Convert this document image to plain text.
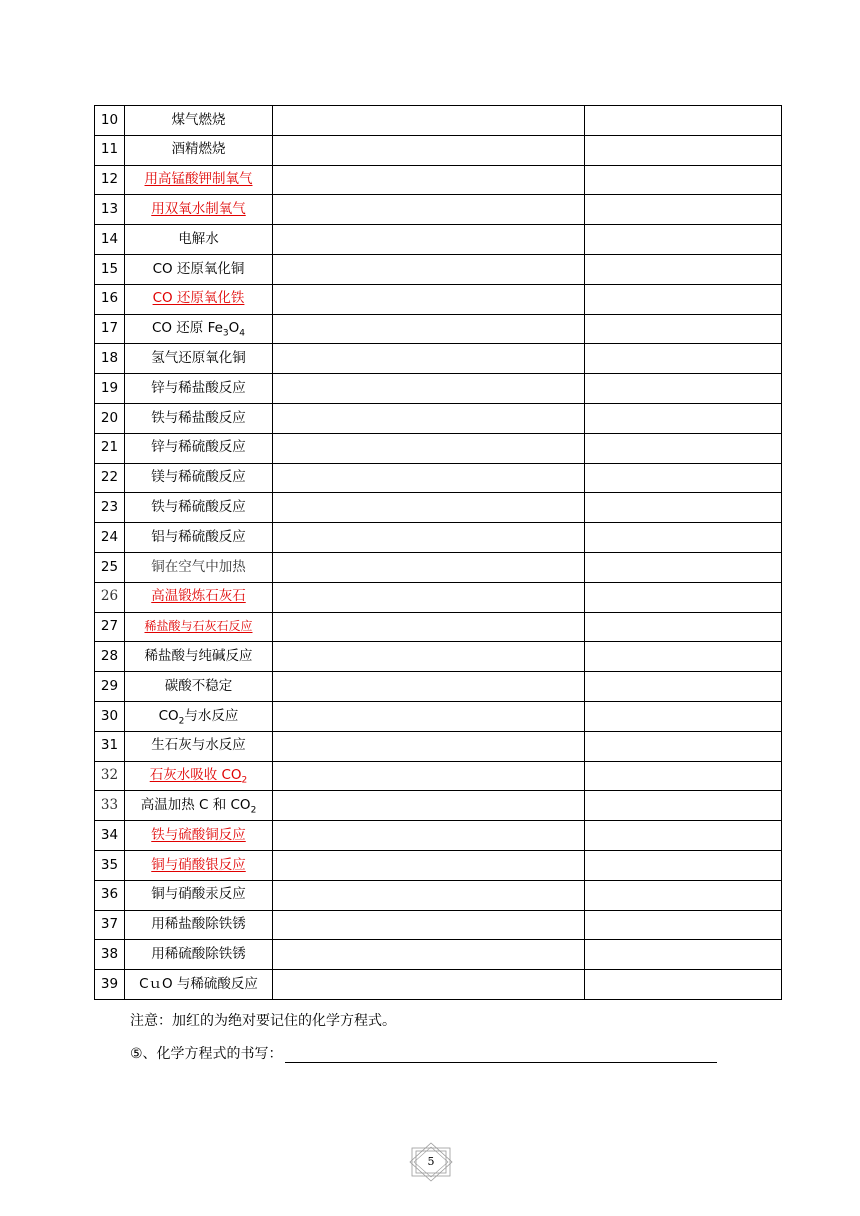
10	煤气燃烧		
11	酒精燃烧		
12	用高锰酸钾制氧气		
13	用双氧水制氧气		
14	电解水		
15	CO 还原氧化铜		
16	CO 还原氧化铁		
17	CO 还原 $Fe_3O_4$		
18	氢气还原氧化铜		
19	锌与稀盐酸反应		
20	铁与稀盐酸反应		
21	锌与稀硫酸反应		
22	镁与稀硫酸反应		
23	铁与稀硫酸反应		
24	铝与稀硫酸反应		
25	铜在空气中加热		
26	高温锻炼石灰石		
27	稀盐酸与石灰石反应		
28	稀盐酸与纯碱反应		
29	碳酸不稳定		
30	$CO_2$与水反应		
31	生石灰与水反应		
32	石灰水吸收 $CO_2$		
33	高温加热 C 和 $CO_2$		
34	铁与硫酸铜反应		
35	铜与硝酸银反应		
36	铜与硝酸汞反应		
37	用稀盐酸除铁锈		
38	用稀硫酸除铁锈		
39	CｕO 与稀硫酸反应		
注意：加红的为绝对要记住的化学方程式。
⑤、化学方程式的书写：
5
